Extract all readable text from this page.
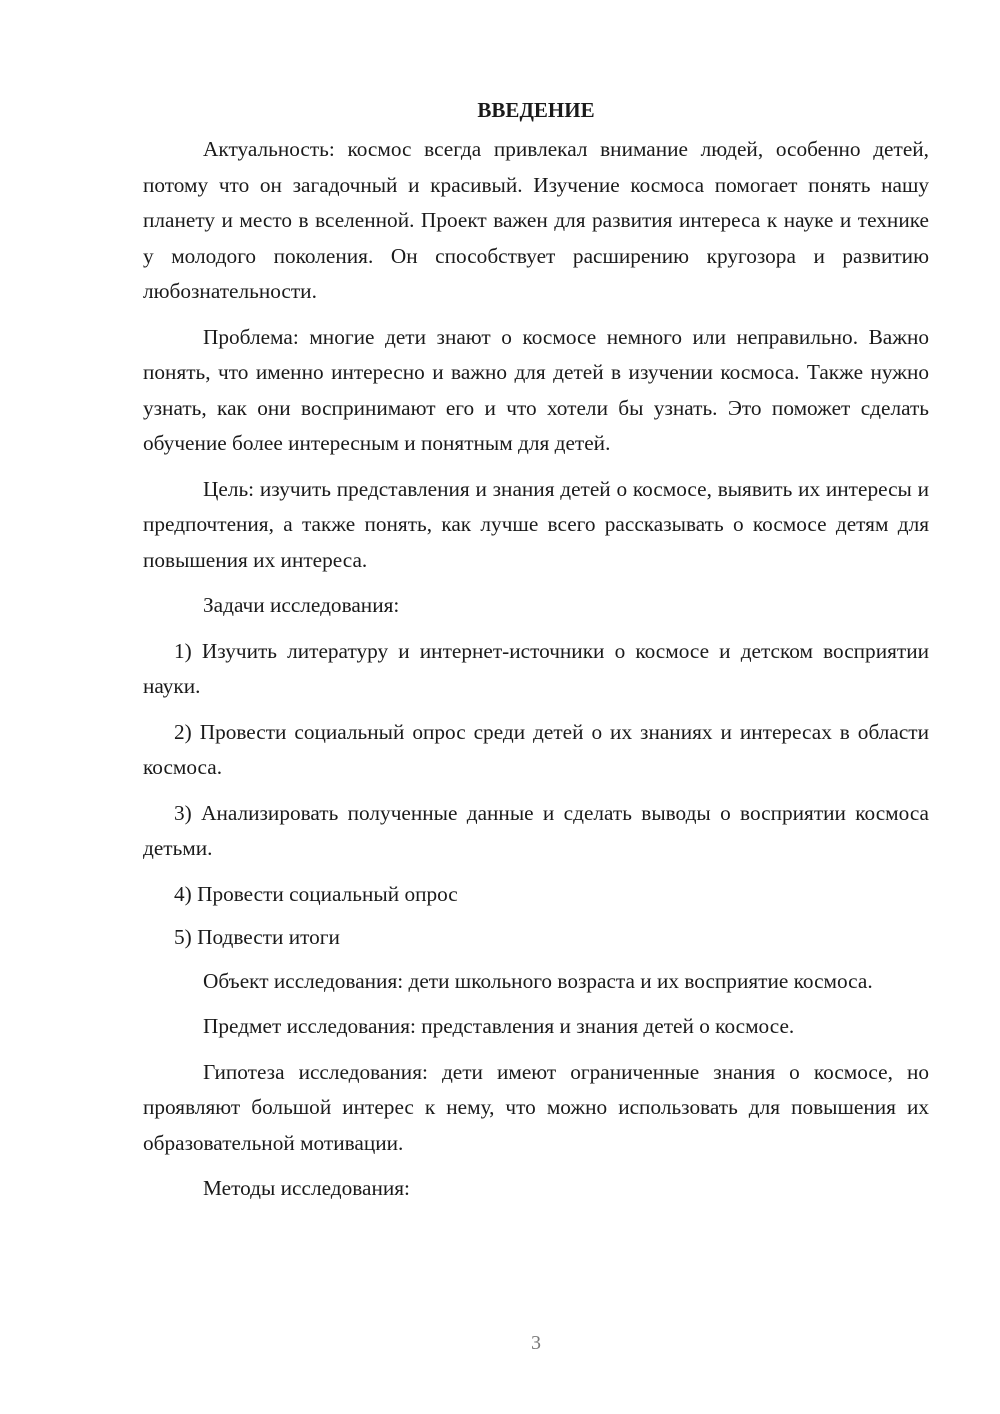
ВВЕДЕНИЕ

Актуальность: космос всегда привлекал внимание людей, особенно детей, потому что он загадочный и красивый. Изучение космоса помогает понять нашу планету и место в вселенной. Проект важен для развития интереса к науке и технике у молодого поколения. Он способствует расширению кругозора и развитию любознательности.

Проблема: многие дети знают о космосе немного или неправильно. Важно понять, что именно интересно и важно для детей в изучении космоса. Также нужно узнать, как они воспринимают его и что хотели бы узнать. Это поможет сделать обучение более интересным и понятным для детей.

Цель: изучить представления и знания детей о космосе, выявить их интересы и предпочтения, а также понять, как лучше всего рассказывать о космосе детям для повышения их интереса.

Задачи исследования:

1) Изучить литературу и интернет-источники о космосе и детском восприятии науки.

2) Провести социальный опрос среди детей о их знаниях и интересах в области космоса.

3) Анализировать полученные данные и сделать выводы о восприятии космоса детьми.

4) Провести социальный опрос

5) Подвести итоги

Объект исследования: дети школьного возраста и их восприятие космоса.

Предмет исследования: представления и знания детей о космосе.

Гипотеза исследования: дети имеют ограниченные знания о космосе, но проявляют большой интерес к нему, что можно использовать для повышения их образовательной мотивации.

Методы исследования:

3
